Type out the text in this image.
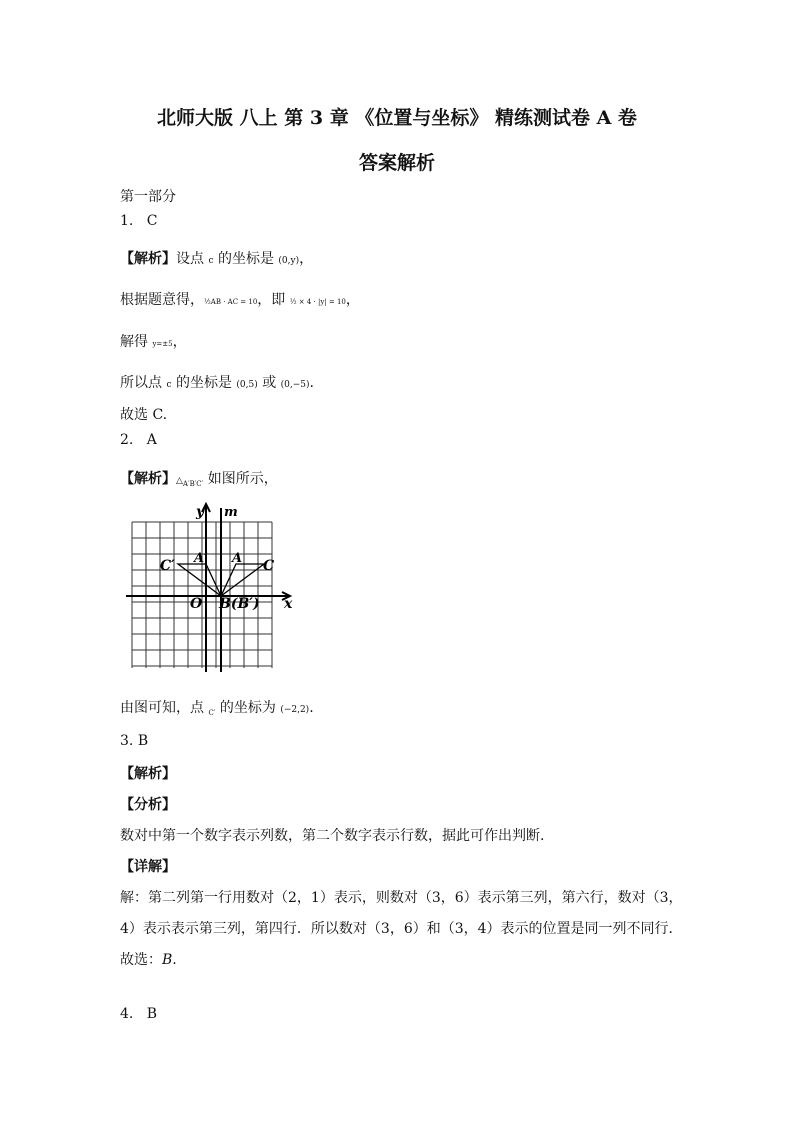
北师大版 八上 第 3 章 《位置与坐标》 精练测试卷 A 卷
答案解析
第一部分
1. C
【解析】设点 c 的坐标是 (0,y)，
根据题意得，½AB · AC = 10，即 ½ × 4 · |y| = 10，
解得 y=±5，
所以点 c 的坐标是 (0,5) 或 (0,−5).
故选 C.
2. A
【解析】$\triangle_{A'B'C'}$ 如图所示，
y m
x
O
A′ A
C′	C
B(B′)
由图可知，点 $_{C'}$ 的坐标为 (−2,2).
3. B
【解析】
【分析】
数对中第一个数字表示列数，第二个数字表示行数，据此可作出判断.
【详解】
解：第二列第一行用数对（2，1）表示，则数对（3，6）表示第三列，第六行，数对（3，
4）表示表示第三列，第四行．所以数对（3，6）和（3，4）表示的位置是同一列不同行．
故选：B.
4. B
